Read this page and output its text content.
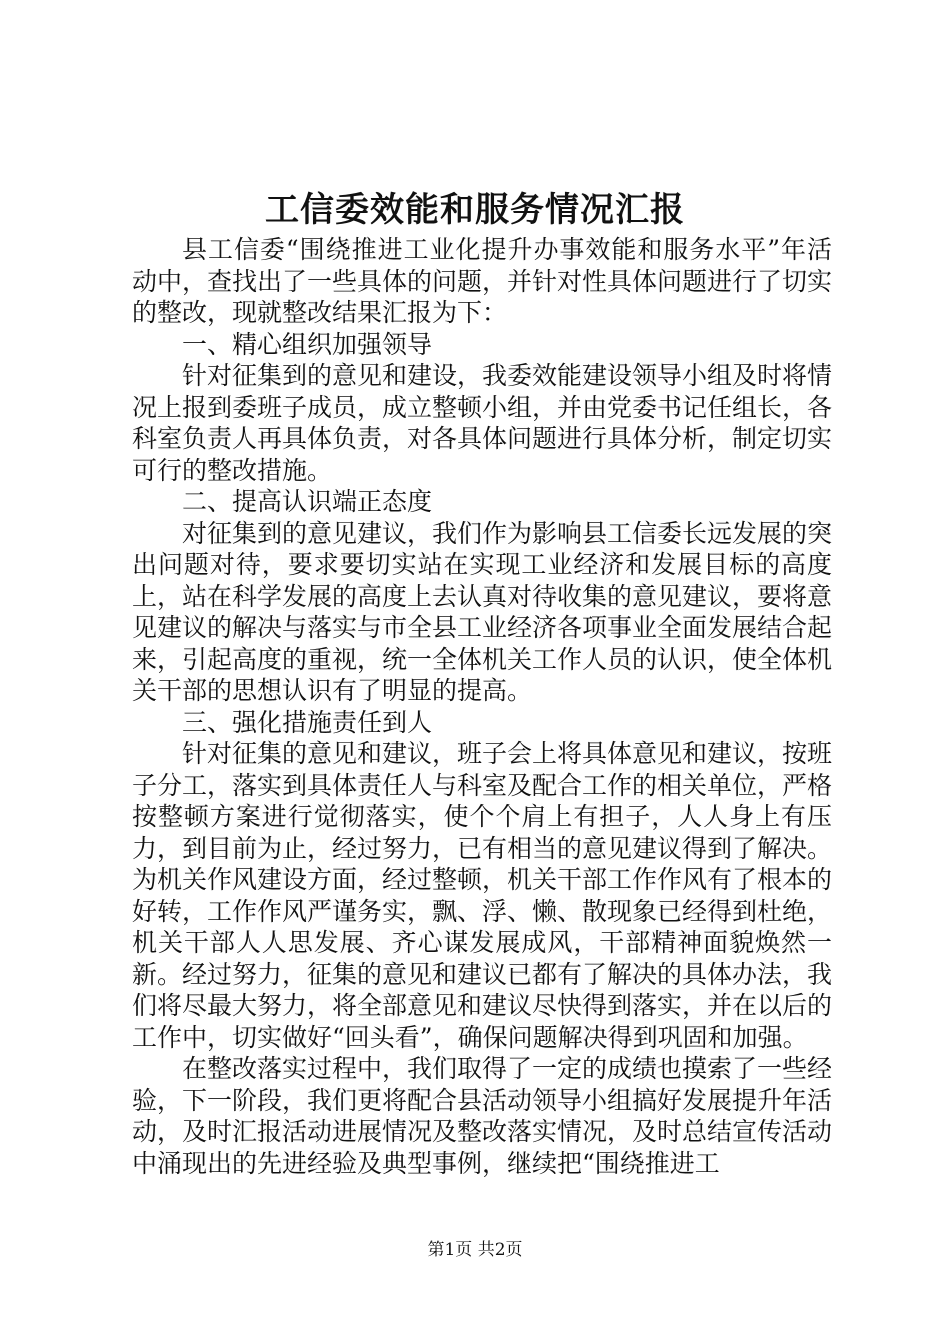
工信委效能和服务情况汇报

县工信委“围绕推进工业化提升办事效能和服务水平”年活动中，查找出了一些具体的问题，并针对性具体问题进行了切实的整改，现就整改结果汇报为下：

一、精心组织加强领导

针对征集到的意见和建设，我委效能建设领导小组及时将情况上报到委班子成员，成立整顿小组，并由党委书记任组长，各科室负责人再具体负责，对各具体问题进行具体分析，制定切实可行的整改措施。

二、提高认识端正态度

对征集到的意见建议，我们作为影响县工信委长远发展的突出问题对待，要求要切实站在实现工业经济和发展目标的高度上，站在科学发展的高度上去认真对待收集的意见建议，要将意见建议的解决与落实与市全县工业经济各项事业全面发展结合起来，引起高度的重视，统一全体机关工作人员的认识，使全体机关干部的思想认识有了明显的提高。

三、强化措施责任到人

针对征集的意见和建议，班子会上将具体意见和建议，按班子分工，落实到具体责任人与科室及配合工作的相关单位，严格按整顿方案进行觉彻落实，使个个肩上有担子，人人身上有压力，到目前为止，经过努力，已有相当的意见建议得到了解决。为机关作风建设方面，经过整顿，机关干部工作作风有了根本的好转，工作作风严谨务实，飘、浮、懒、散现象已经得到杜绝，机关干部人人思发展、齐心谋发展成风，干部精神面貌焕然一新。经过努力，征集的意见和建议已都有了解决的具体办法，我们将尽最大努力，将全部意见和建议尽快得到落实，并在以后的工作中，切实做好“回头看”，确保问题解决得到巩固和加强。

在整改落实过程中，我们取得了一定的成绩也摸索了一些经验，下一阶段，我们更将配合县活动领导小组搞好发展提升年活动，及时汇报活动进展情况及整改落实情况，及时总结宣传活动中涌现出的先进经验及典型事例，继续把“围绕推进工

第1页 共2页
